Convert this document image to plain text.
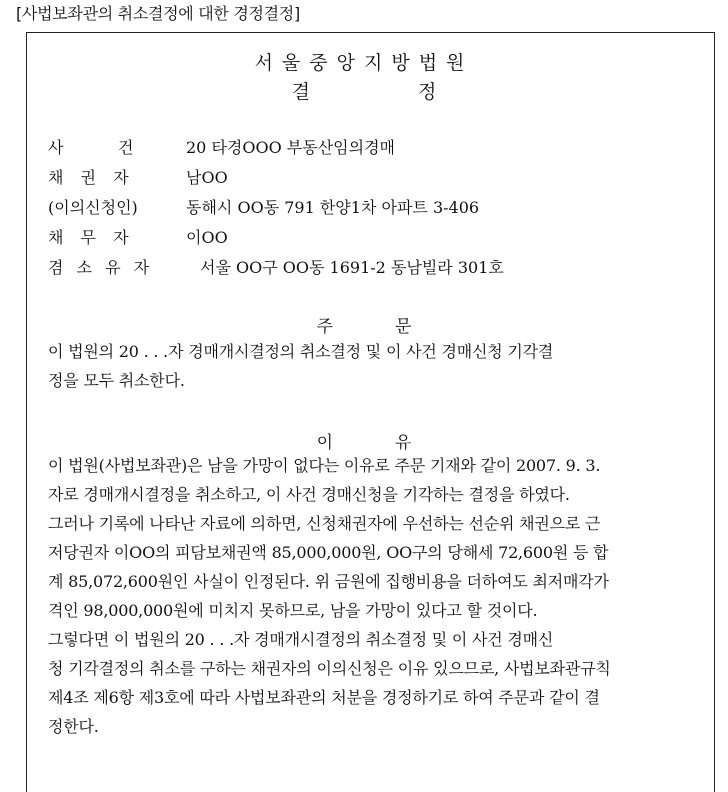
[사법보좌관의 취소결정에 대한 경정결정]
서울중앙지방법원
결	정
사	건	20 타경OOO 부동산임의경매
채 권 자	남OO
(이의신청인)	동해시 OO동 791 한양1차 아파트 3-406
채 무 자	이OO
겸 소 유 자	서울 OO구 OO동 1691-2 동남빌라 301호
주	문
이 법원의 20 . . .자 경매개시결정의 취소결정 및 이 사건 경매신청 기각결
정을 모두 취소한다.
이	유
이 법원(사법보좌관)은 남을 가망이 없다는 이유로 주문 기재와 같이 2007. 9. 3.
자로 경매개시결정을 취소하고, 이 사건 경매신청을 기각하는 결정을 하였다.
그러나 기록에 나타난 자료에 의하면, 신청채권자에 우선하는 선순위 채권으로 근
저당권자 이OO의 피담보채권액 85,000,000원, OO구의 당해세 72,600원 등 합
계 85,072,600원인 사실이 인정된다. 위 금원에 집행비용을 더하여도 최저매각가
격인 98,000,000원에 미치지 못하므로, 남을 가망이 있다고 할 것이다.
그렇다면 이 법원의 20 . . .자 경매개시결정의 취소결정 및 이 사건 경매신
청 기각결정의 취소를 구하는 채권자의 이의신청은 이유 있으므로, 사법보좌관규칙
제4조 제6항 제3호에 따라 사법보좌관의 처분을 경정하기로 하여 주문과 같이 결
정한다.
